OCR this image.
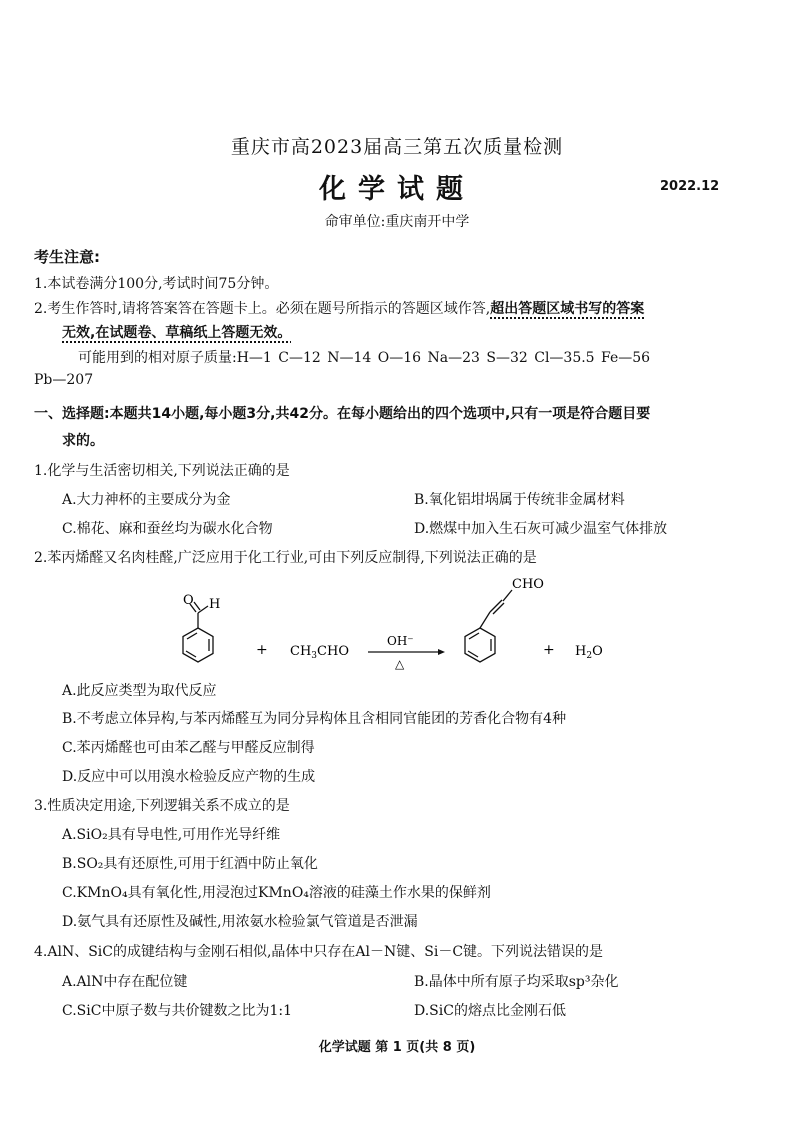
重庆市高2023届高三第五次质量检测
化学试题	2022.12
命审单位:重庆南开中学
考生注意:
1.本试卷满分100分,考试时间75分钟。
2.考生作答时,请将答案答在答题卡上。必须在题号所指示的答题区域作答,超出答题区域书写的答案
无效,在试题卷、草稿纸上答题无效。
可能用到的相对原子质量:H—1 C—12 N—14 O—16 Na—23 S—32 Cl—35.5 Fe—56
Pb—207
一、选择题:本题共14小题,每小题3分,共42分。在每小题给出的四个选项中,只有一项是符合题目要
求的。
1.化学与生活密切相关,下列说法正确的是
A.大力神杯的主要成分为金	B.氧化铝坩埚属于传统非金属材料
C.棉花、麻和蚕丝均为碳水化合物	D.燃煤中加入生石灰可减少温室气体排放
2.苯丙烯醛又名肉桂醛,广泛应用于化工行业,可由下列反应制得,下列说法正确的是
O H
+ $CH_3CHO$
OH⁻
△
CHO
+ $H_2O$
A.此反应类型为取代反应
B.不考虑立体异构,与苯丙烯醛互为同分异构体且含相同官能团的芳香化合物有4种
C.苯丙烯醛也可由苯乙醛与甲醛反应制得
D.反应中可以用溴水检验反应产物的生成
3.性质决定用途,下列逻辑关系不成立的是
A.SiO₂具有导电性,可用作光导纤维
B.SO₂具有还原性,可用于红酒中防止氧化
C.KMnO₄具有氧化性,用浸泡过KMnO₄溶液的硅藻土作水果的保鲜剂
D.氨气具有还原性及碱性,用浓氨水检验氯气管道是否泄漏
4.AlN、SiC的成键结构与金刚石相似,晶体中只存在Al－N键、Si－C键。下列说法错误的是
A.AlN中存在配位键	B.晶体中所有原子均采取sp³杂化
C.SiC中原子数与共价键数之比为1:1	D.SiC的熔点比金刚石低
化学试题 第 1 页(共 8 页)
